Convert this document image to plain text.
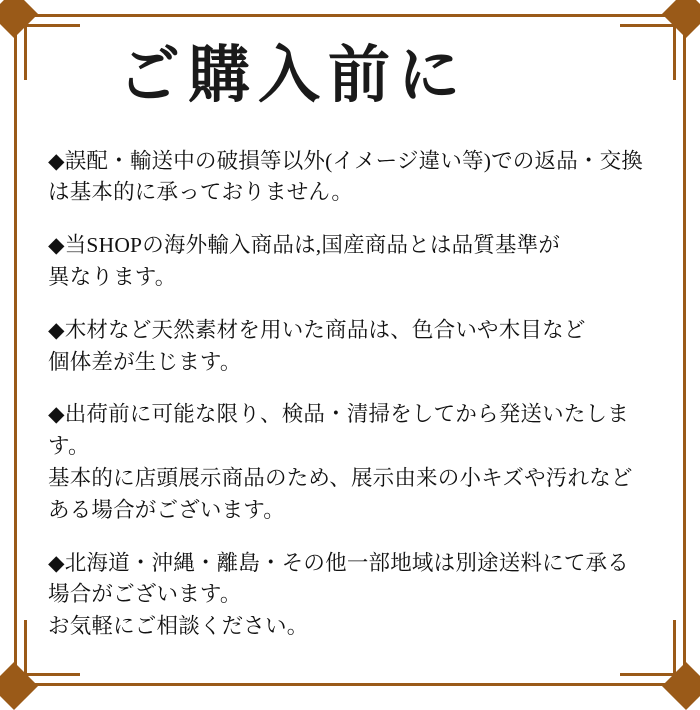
ご購入前に

◆誤配・輸送中の破損等以外(イメージ違い等)での返品・交換

は基本的に承っておりません。

◆当SHOPの海外輸入商品は,国産商品とは品質基準が

異なります。

◆木材など天然素材を用いた商品は、色合いや木目など

個体差が生じます。

◆出荷前に可能な限り、検品・清掃をしてから発送いたします。

基本的に店頭展示商品のため、展示由来の小キズや汚れなど

ある場合がございます。

◆北海道・沖縄・離島・その他一部地域は別途送料にて承る

場合がございます。

お気軽にご相談ください。
